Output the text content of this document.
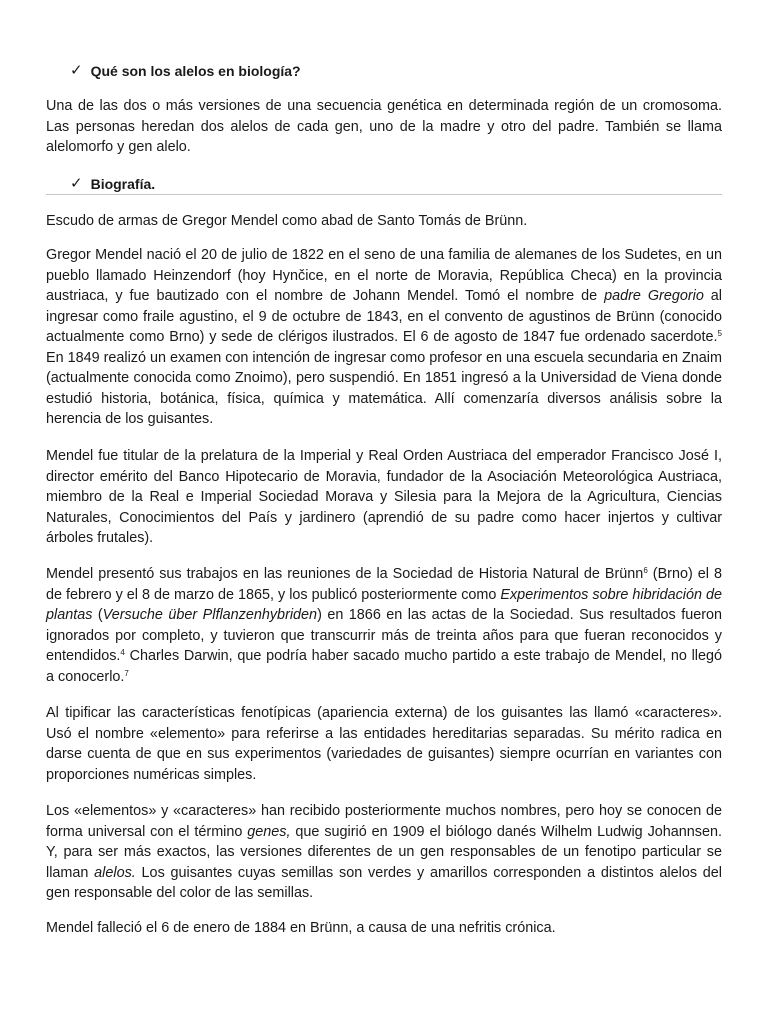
✓ Qué son los alelos en biología?

Una de las dos o más versiones de una secuencia genética en determinada región de un cromosoma. Las personas heredan dos alelos de cada gen, uno de la madre y otro del padre. También se llama alelomorfo y gen alelo.

✓ Biografía.

Escudo de armas de Gregor Mendel como abad de Santo Tomás de Brünn.

Gregor Mendel nació el 20 de julio de 1822 en el seno de una familia de alemanes de los Sudetes, en un pueblo llamado Heinzendorf (hoy Hynčice, en el norte de Moravia, República Checa) en la provincia austriaca, y fue bautizado con el nombre de Johann Mendel. Tomó el nombre de padre Gregorio al ingresar como fraile agustino, el 9 de octubre de 1843, en el convento de agustinos de Brünn (conocido actualmente como Brno) y sede de clérigos ilustrados. El 6 de agosto de 1847 fue ordenado sacerdote.$^5$ En 1849 realizó un examen con intención de ingresar como profesor en una escuela secundaria en Znaim (actualmente conocida como Znoimo), pero suspendió. En 1851 ingresó a la Universidad de Viena donde estudió historia, botánica, física, química y matemática. Allí comenzaría diversos análisis sobre la herencia de los guisantes.

Mendel fue titular de la prelatura de la Imperial y Real Orden Austriaca del emperador Francisco José I, director emérito del Banco Hipotecario de Moravia, fundador de la Asociación Meteorológica Austriaca, miembro de la Real e Imperial Sociedad Morava y Silesia para la Mejora de la Agricultura, Ciencias Naturales, Conocimientos del País y jardinero (aprendió de su padre como hacer injertos y cultivar árboles frutales).

Mendel presentó sus trabajos en las reuniones de la Sociedad de Historia Natural de Brünn$^6$ (Brno) el 8 de febrero y el 8 de marzo de 1865, y los publicó posteriormente como Experimentos sobre hibridación de plantas (Versuche über Plflanzenhybriden) en 1866 en las actas de la Sociedad. Sus resultados fueron ignorados por completo, y tuvieron que transcurrir más de treinta años para que fueran reconocidos y entendidos.$^4$ Charles Darwin, que podría haber sacado mucho partido a este trabajo de Mendel, no llegó a conocerlo.$^7$

Al tipificar las características fenotípicas (apariencia externa) de los guisantes las llamó «caracteres». Usó el nombre «elemento» para referirse a las entidades hereditarias separadas. Su mérito radica en darse cuenta de que en sus experimentos (variedades de guisantes) siempre ocurrían en variantes con proporciones numéricas simples.

Los «elementos» y «caracteres» han recibido posteriormente muchos nombres, pero hoy se conocen de forma universal con el término genes, que sugirió en 1909 el biólogo danés Wilhelm Ludwig Johannsen. Y, para ser más exactos, las versiones diferentes de un gen responsables de un fenotipo particular se llaman alelos. Los guisantes cuyas semillas son verdes y amarillos corresponden a distintos alelos del gen responsable del color de las semillas.

Mendel falleció el 6 de enero de 1884 en Brünn, a causa de una nefritis crónica.
